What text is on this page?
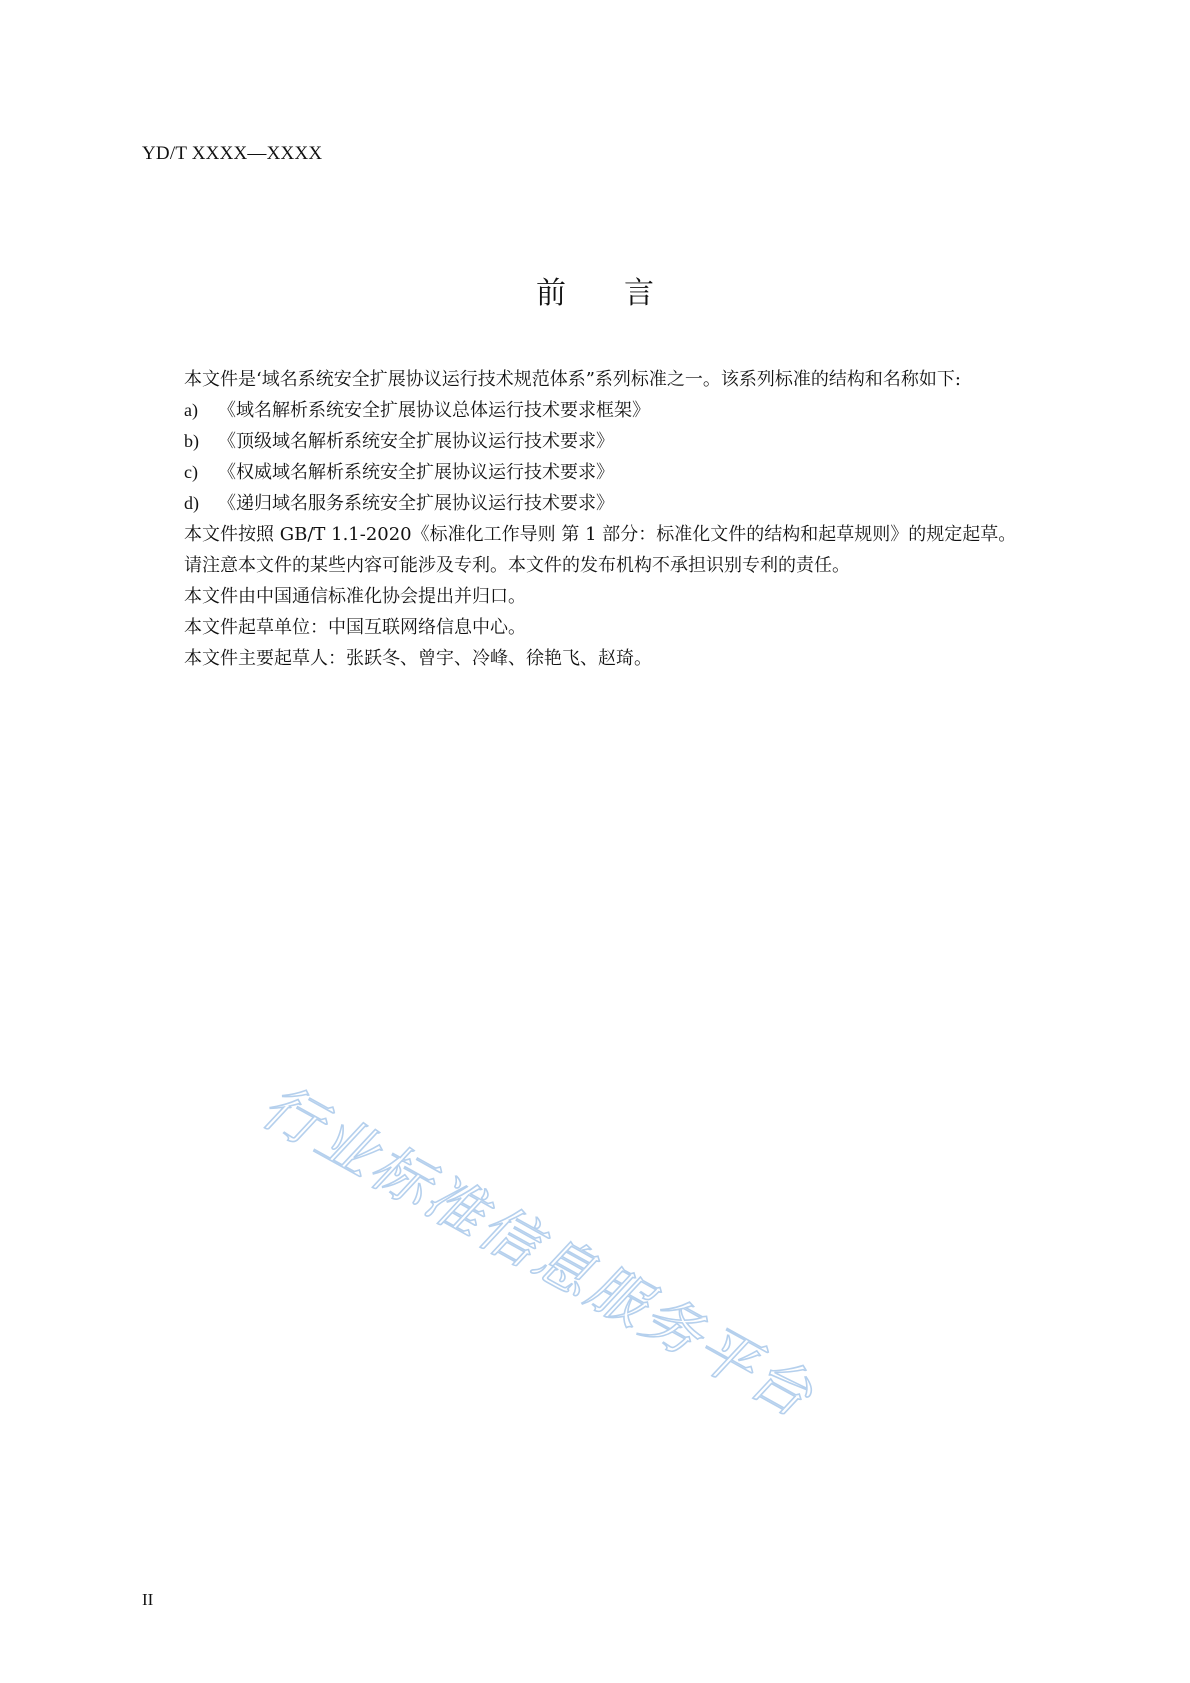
YD/T XXXX—XXXX
前言

本文件是‘域名系统安全扩展协议运行技术规范体系”系列标准之一。该系列标准的结构和名称如下:

a) 《域名解析系统安全扩展协议总体运行技术要求框架》
b) 《顶级域名解析系统安全扩展协议运行技术要求》
c) 《权威域名解析系统安全扩展协议运行技术要求》
d) 《递归域名服务系统安全扩展协议运行技术要求》

本文件按照 GB/T 1.1-2020《标准化工作导则 第 1 部分：标准化文件的结构和起草规则》的规定起草。

请注意本文件的某些内容可能涉及专利。本文件的发布机构不承担识别专利的责任。

本文件由中国通信标准化协会提出并归口。

本文件起草单位：中国互联网络信息中心。

本文件主要起草人：张跃冬、曾宇、冷峰、徐艳飞、赵琦。

行业标准信息服务平台
II
